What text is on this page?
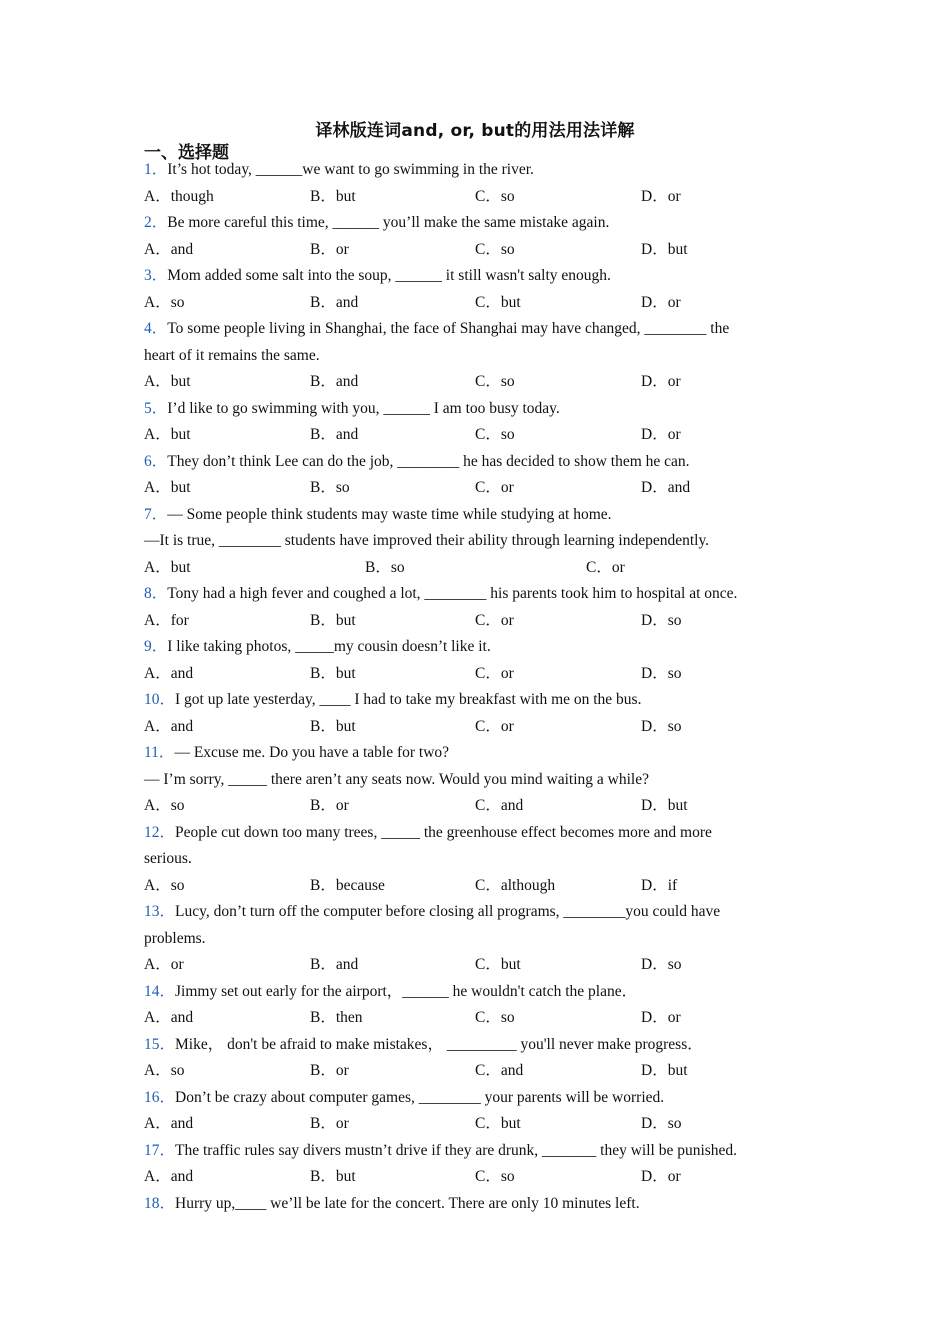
译林版连词and, or, but的用法用法详解
一、选择题
1．It’s hot today, ______we want to go swimming in the river.
A．though	B．but	C．so	D．or
2．Be more careful this time, ______ you’ll make the same mistake again.
A．and	B．or	C．so	D．but
3．Mom added some salt into the soup, ______ it still wasn't salty enough.
A．so	B．and	C．but	D．or
4．To some people living in Shanghai, the face of Shanghai may have changed, ________ the
heart of it remains the same.
A．but	B．and	C．so	D．or
5．I’d like to go swimming with you, ______ I am too busy today.
A．but	B．and	C．so	D．or
6．They don’t think Lee can do the job, ________ he has decided to show them he can.
A．but	B．so	C．or	D．and
7．— Some people think students may waste time while studying at home.
—It is true, ________ students have improved their ability through learning independently.
A．but	B．so	C．or
8．Tony had a high fever and coughed a lot, ________ his parents took him to hospital at once.
A．for	B．but	C．or	D．so
9．I like taking photos, _____my cousin doesn’t like it.
A．and	B．but	C．or	D．so
10．I got up late yesterday, ____ I had to take my breakfast with me on the bus.
A．and	B．but	C．or	D．so
11．— Excuse me. Do you have a table for two?
— I’m sorry, _____ there aren’t any seats now. Would you mind waiting a while?
A．so	B．or	C．and	D．but
12．People cut down too many trees, _____ the greenhouse effect becomes more and more
serious.
A．so	B．because	C．although	D．if
13．Lucy, don’t turn off the computer before closing all programs, ________you could have
problems.
A．or	B．and	C．but	D．so
14．Jimmy set out early for the airport，______ he wouldn't catch the plane．
A．and	B．then	C．so	D．or
15．Mike， don't be afraid to make mistakes， _________ you'll never make progress．
A．so	B．or	C．and	D．but
16．Don’t be crazy about computer games, ________ your parents will be worried.
A．and	B．or	C．but	D．so
17．The traffic rules say divers mustn’t drive if they are drunk, _______ they will be punished.
A．and	B．but	C．so	D．or
18．Hurry up,____ we’ll be late for the concert. There are only 10 minutes left.
